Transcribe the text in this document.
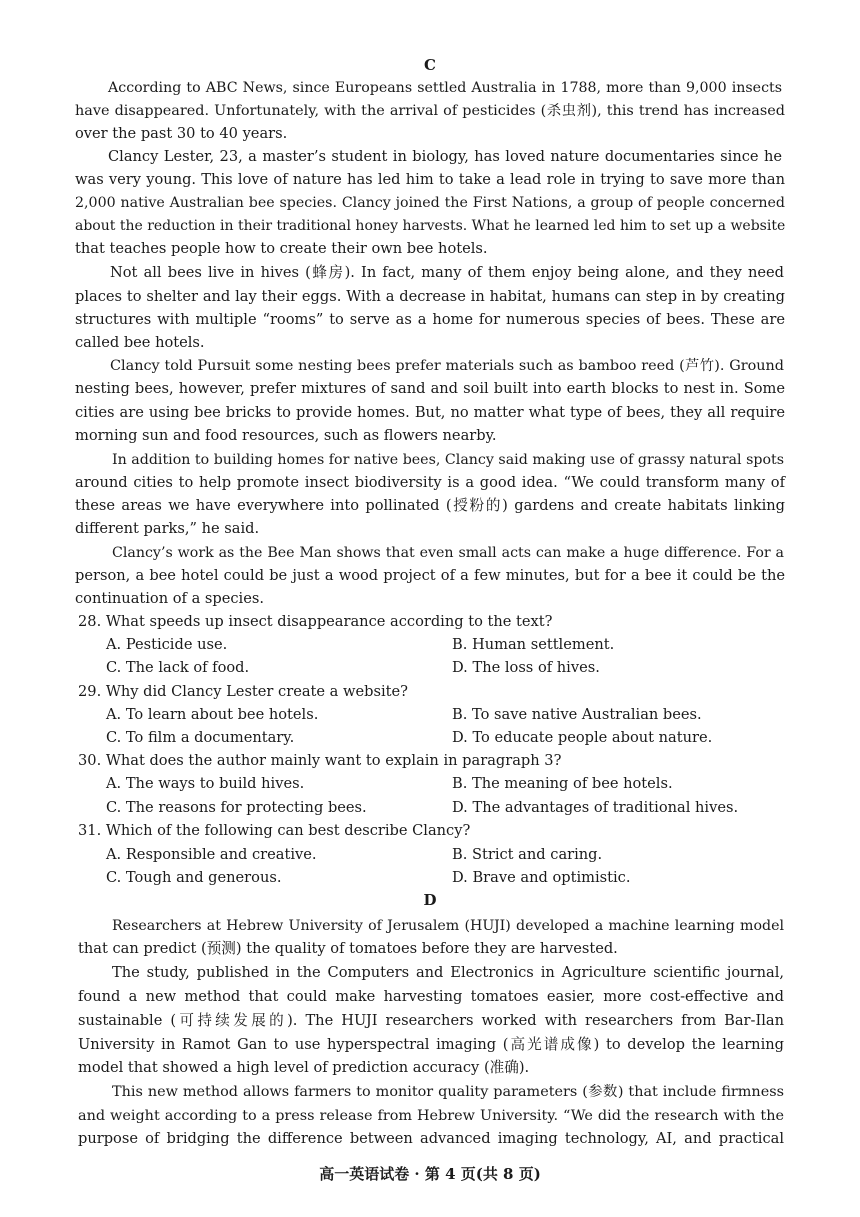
C
According to ABC News, since Europeans settled Australia in 1788, more than 9,000 insects
have disappeared. Unfortunately, with the arrival of pesticides (杀虫剂), this trend has increased
over the past 30 to 40 years.
Clancy Lester, 23, a master’s student in biology, has loved nature documentaries since he
was very young. This love of nature has led him to take a lead role in trying to save more than
2,000 native Australian bee species. Clancy joined the First Nations, a group of people concerned
about the reduction in their traditional honey harvests. What he learned led him to set up a website
that teaches people how to create their own bee hotels.
Not all bees live in hives (蜂房). In fact, many of them enjoy being alone, and they need
places to shelter and lay their eggs. With a decrease in habitat, humans can step in by creating
structures with multiple “rooms” to serve as a home for numerous species of bees. These are
called bee hotels.
Clancy told Pursuit some nesting bees prefer materials such as bamboo reed (芦竹). Ground
nesting bees, however, prefer mixtures of sand and soil built into earth blocks to nest in. Some
cities are using bee bricks to provide homes. But, no matter what type of bees, they all require
morning sun and food resources, such as flowers nearby.
In addition to building homes for native bees, Clancy said making use of grassy natural spots
around cities to help promote insect biodiversity is a good idea. “We could transform many of
these areas we have everywhere into pollinated (授粉的) gardens and create habitats linking
different parks,” he said.
Clancy’s work as the Bee Man shows that even small acts can make a huge difference. For a
person, a bee hotel could be just a wood project of a few minutes, but for a bee it could be the
continuation of a species.
28. What speeds up insect disappearance according to the text?
A. Pesticide use.	B. Human settlement.
C. The lack of food.	D. The loss of hives.
29. Why did Clancy Lester create a website?
A. To learn about bee hotels.	B. To save native Australian bees.
C. To film a documentary.	D. To educate people about nature.
30. What does the author mainly want to explain in paragraph 3?
A. The ways to build hives.	B. The meaning of bee hotels.
C. The reasons for protecting bees.	D. The advantages of traditional hives.
31. Which of the following can best describe Clancy?
A. Responsible and creative.	B. Strict and caring.
C. Tough and generous.	D. Brave and optimistic.
D
Researchers at Hebrew University of Jerusalem (HUJI) developed a machine learning model
that can predict (预测) the quality of tomatoes before they are harvested.
The study, published in the Computers and Electronics in Agriculture scientific journal,
found a new method that could make harvesting tomatoes easier, more cost-effective and
sustainable (可持续发展的). The HUJI researchers worked with researchers from Bar-Ilan
University in Ramot Gan to use hyperspectral imaging (高光谱成像) to develop the learning
model that showed a high level of prediction accuracy (准确).
This new method allows farmers to monitor quality parameters (参数) that include firmness
and weight according to a press release from Hebrew University. “We did the research with the
purpose of bridging the difference between advanced imaging technology, AI, and practical
高一英语试卷 · 第 4 页(共 8 页)
